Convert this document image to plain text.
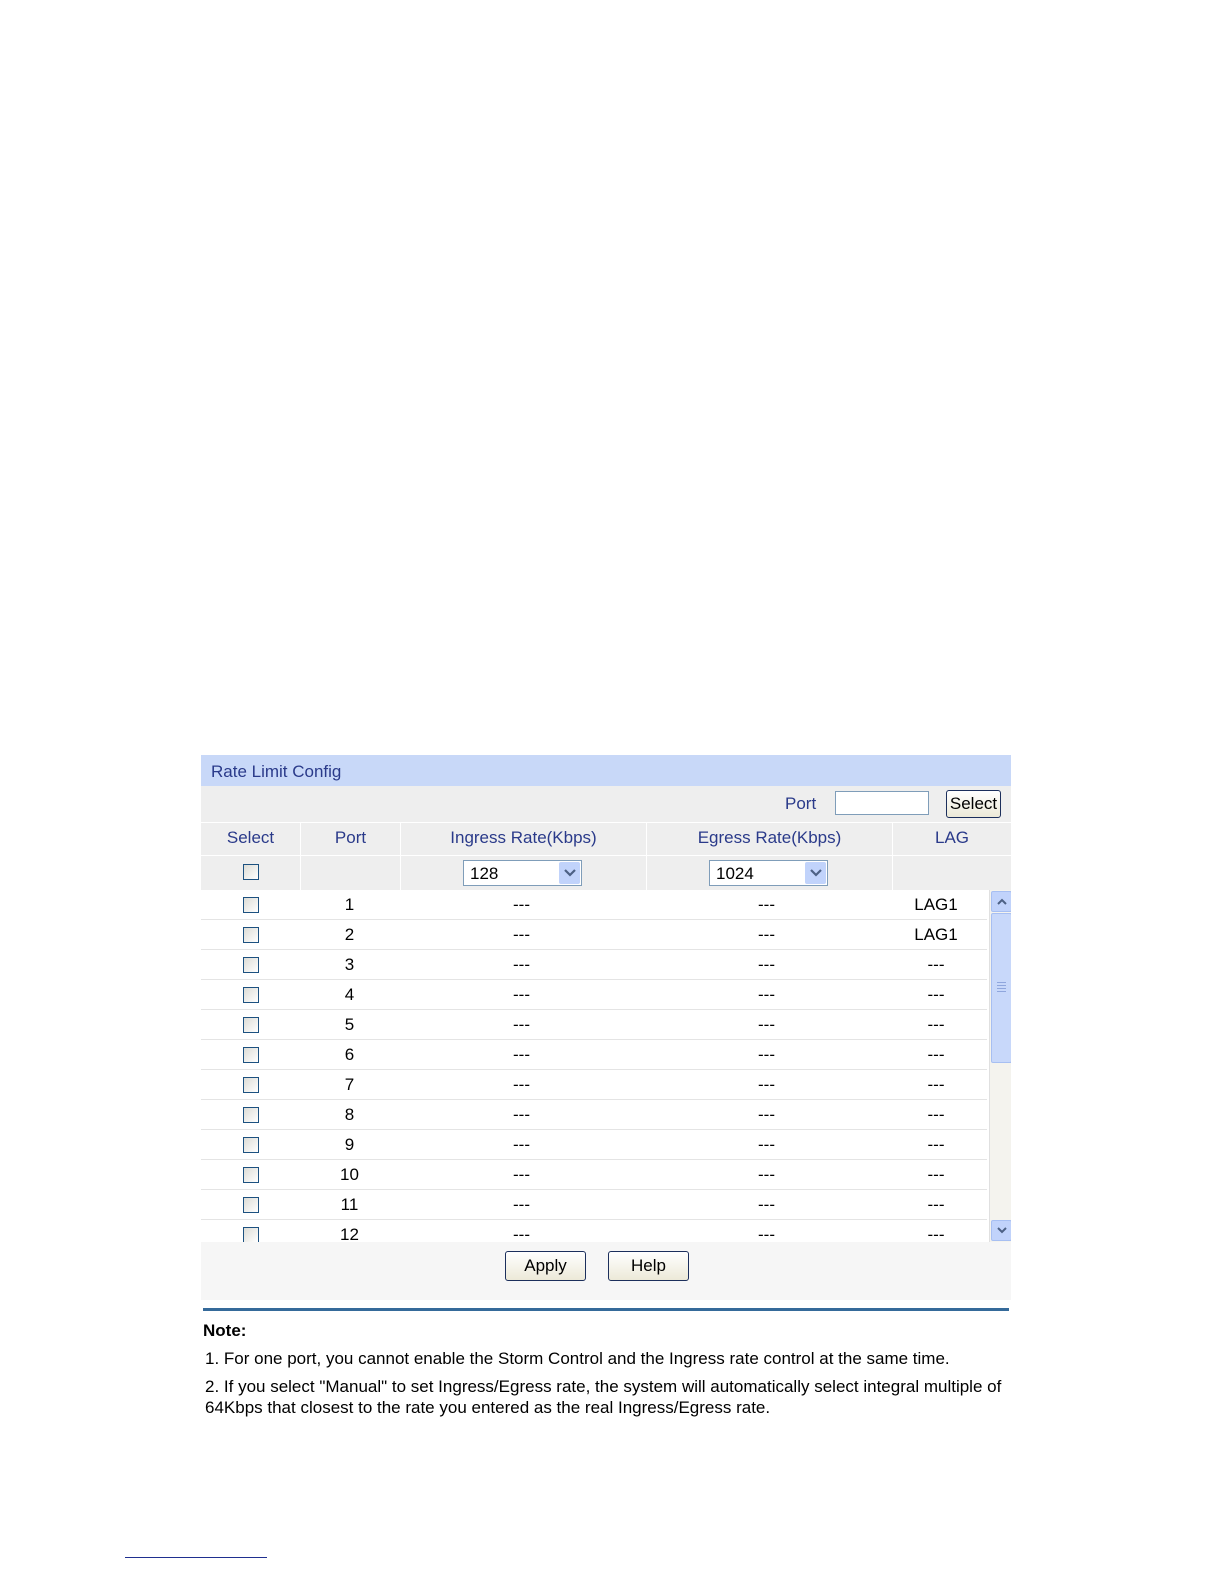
Rate Limit Config
Port	Select
Select	Port	Ingress Rate(Kbps)	Egress Rate(Kbps)	LAG
128	1024
1	---	---	LAG1
2	---	---	LAG1
3	---	---	---
4	---	---	---
5	---	---	---
6	---	---	---
7	---	---	---
8	---	---	---
9	---	---	---
10	---	---	---
11	---	---	---
12	---	---	---
Apply	Help
Note:

1. For one port, you cannot enable the Storm Control and the Ingress rate control at the same time.

2. If you select "Manual" to set Ingress/Egress rate, the system will automatically select integral multiple of 64Kbps that closest to the rate you entered as the real Ingress/Egress rate.
